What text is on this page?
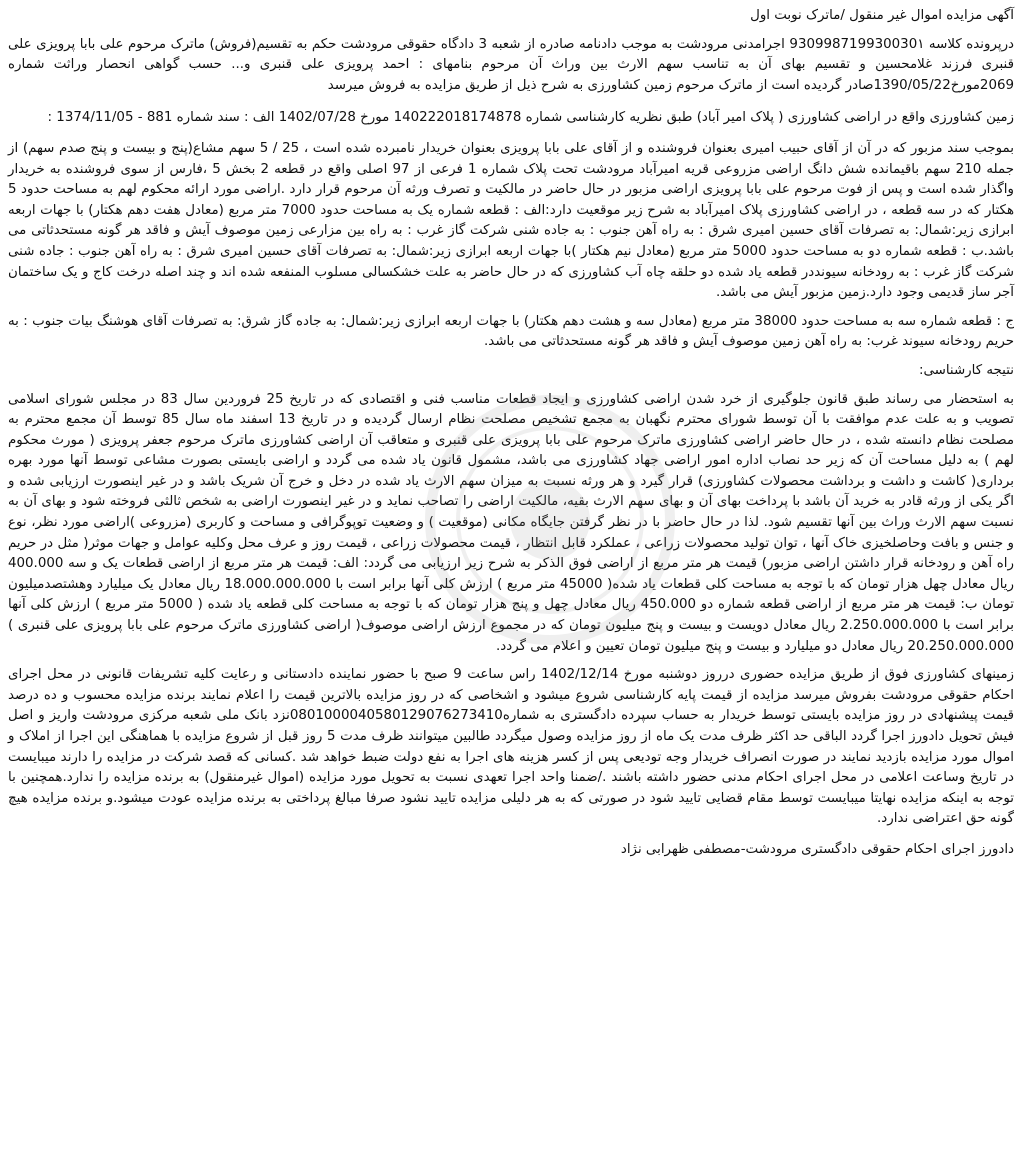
آگهی مزایده اموال غیر منقول /ماترک نوبت اول

درپرونده کلاسه 930998719930030١ اجرامدنی مرودشت به موجب دادنامه صادره از شعبه 3 دادگاه حقوقی مرودشت حکم به تقسیم(فروش) ماترک مرحوم علی بابا پرویزی علی قنبری فرزند غلامحسین و تقسیم بهای آن به تناسب سهم الارث بین وراث آن مرحوم بنامهای : احمد پرویزی علی قنبری و... حسب گواهی انحصار وراثت شماره 2069مورخ1390/05/22صادر گردیده است از ماترک مرحوم زمین کشاورزی به شرح ذیل از طریق مزایده به فروش میرسد

زمین کشاورزی واقع در اراضی کشاورزی ( پلاک امیر آباد) طبق نظریه کارشناسی شماره 140222018174878 مورخ 1402/07/28 الف : سند شماره 881 - 1374/11/05 :

بموجب سند مزبور که در آن از آقای حبیب امیری بعنوان فروشنده و از آقای علی بابا پرویزی بعنوان خریدار نامبرده شده است ، 25 / 5 سهم مشاع(پنج و بیست و پنج صدم سهم) از جمله 210 سهم باقیمانده شش دانگ اراضی مزروعی قریه امیرآباد مرودشت تحت پلاک شماره 1 فرعی از 97 اصلی واقع در قطعه 2 بخش 5 ،فارس از سوی فروشنده به خریدار واگذار شده است و پس از فوت مرحوم علی بابا پرویزی اراضی مزبور در حال حاضر در مالکیت و تصرف ورثه آن مرحوم قرار دارد .اراضی مورد ارائه محکوم لهم به مساحت حدود 5 هکتار که در سه قطعه ، در اراضی کشاورزی پلاک امیرآباد به شرح زیر موقعیت دارد:الف : قطعه شماره یک به مساحت حدود 7000 متر مربع (معادل هفت دهم هکتار) با جهات اربعه ابرازی زیر:شمال: به تصرفات آقای حسین امیری شرق : به راه آهن جنوب : به جاده شنی شرکت گاز غرب : به راه بین مزارعی زمین موصوف آیش و فاقد هر گونه مستحدثاتی می باشد.ب : قطعه شماره دو به مساحت حدود 5000 متر مربع (معادل نیم هکتار )با جهات اربعه ابرازی زیر:شمال: به تصرفات آقای حسین امیری شرق : به راه آهن جنوب : جاده شنی شرکت گاز غرب : به رودخانه سیونددر قطعه یاد شده دو حلقه چاه آب کشاورزی که در حال حاضر به علت خشکسالی مسلوب المنفعه شده اند و چند اصله درخت کاج و یک ساختمان آجر ساز قدیمی وجود دارد.زمین مزبور آیش می باشد.

ج : قطعه شماره سه به مساحت حدود 38000 متر مربع (معادل سه و هشت دهم هکتار) با جهات اربعه ابرازی زیر:شمال: به جاده گاز شرق: به تصرفات آقای هوشنگ بیات جنوب : به حریم رودخانه سیوند غرب: به راه آهن زمین موصوف آیش و فاقد هر گونه مستحدثاتی می باشد.

نتیجه کارشناسی:

به استحضار می رساند طبق قانون جلوگیری از خرد شدن اراضی کشاورزی و ایجاد قطعات مناسب فنی و اقتصادی که در تاریخ 25 فروردین سال 83 در مجلس شورای اسلامی تصویب و به علت عدم موافقت با آن توسط شورای محترم نگهبان به مجمع تشخیص مصلحت نظام ارسال گردیده و در تاریخ 13 اسفند ماه سال 85 توسط آن مجمع محترم به مصلحت نظام دانسته شده ، در حال حاضر اراضی کشاورزی ماترک مرحوم علی بابا پرویزی علی قنبری و متعاقب آن اراضی کشاورزی ماترک مرحوم جعفر پرویزی ( مورث محکوم لهم ) به دلیل مساحت آن که زیر حد نصاب اداره امور اراضی جهاد کشاورزی می باشد، مشمول قانون یاد شده می گردد و اراضی بایستی بصورت مشاعی توسط آنها مورد بهره برداری( کاشت و داشت و برداشت محصولات کشاورزی) قرار گیرد و هر ورثه نسبت به میزان سهم الارث یاد شده در دخل و خرج آن شریک باشد و در غیر اینصورت ارزیابی شده و اگر یکی از ورثه قادر به خرید آن باشد با پرداخت بهای آن و بهای سهم الارث بقیه، مالکیت اراضی را تصاحب نماید و در غیر اینصورت اراضی به شخص ثالثی فروخته شود و بهای آن به نسبت سهم الارث وراث بین آنها تقسیم شود. لذا در حال حاضر با در نظر گرفتن جایگاه مکانی (موقعیت ) و وضعیت توپوگرافی و مساحت و کاربری (مزروعی )اراضی مورد نظر، نوع و جنس و بافت وحاصلخیزی خاک آنها ، توان تولید محصولات زراعی ، عملکرد قابل انتظار ، قیمت محصولات زراعی ، قیمت روز و عرف محل وکلیه عوامل و جهات موثر( مثل در حریم راه آهن و رودخانه قرار داشتن اراضی مزبور) قیمت هر متر مربع از اراضی فوق الذکر به شرح زیر ارزیابی می گردد: الف: قیمت هر متر مربع از اراضی قطعات یک و سه 400.000 ریال معادل چهل هزار تومان که با توجه به مساحت کلی قطعات یاد شده( 45000 متر مربع ) ارزش کلی آنها برابر است با 18.000.000.000 ریال معادل یک میلیارد وهشتصدمیلیون تومان ب: قیمت هر متر مربع از اراضی قطعه شماره دو 450.000 ریال معادل چهل و پنج هزار تومان که با توجه به مساحت کلی قطعه یاد شده ( 5000 متر مربع ) ارزش کلی آنها برابر است با 2.250.000.000 ریال معادل دویست و بیست و پنج میلیون تومان که در مجموع ارزش اراضی موصوف( اراضی کشاورزی ماترک مرحوم علی بابا پرویزی علی قنبری ) 20.250.000.000 ریال معادل دو میلیارد و بیست و پنج میلیون تومان تعیین و اعلام می گردد.

زمینهای کشاورزی فوق از طریق مزایده حضوری درروز دوشنبه مورخ 1402/12/14 راس ساعت 9 صبح با حضور نماینده دادستانی و رعایت کلیه تشریفات قانونی در محل اجرای احکام حقوقی مرودشت بفروش میرسد مزایده از قیمت پایه کارشناسی شروع میشود و اشخاصی که در روز مزایده بالاترین قیمت را اعلام نمایند برنده مزایده محسوب و ده درصد قیمت پیشنهادی در روز مزایده بایستی توسط خریدار به حساب سپرده دادگستری به شماره0801000040580129076273410نزد بانک ملی شعبه مرکزی مرودشت واریز و اصل فیش تحویل دادورز اجرا گردد الباقی حد اکثر ظرف مدت یک ماه از روز مزایده وصول میگردد طالبین میتوانند ظرف مدت 5 روز قبل از شروع مزایده با هماهنگی این اجرا از املاک و اموال مورد مزایده بازدید نمایند در صورت انصراف خریدار وجه تودیعی پس از کسر هزینه های اجرا به نفع دولت ضبط خواهد شد .کسانی که قصد شرکت در مزایده را دارند میبایست در تاریخ وساعت اعلامی در محل اجرای احکام مدنی حضور داشته باشند ./ضمنا واحد اجرا تعهدی نسبت به تحویل مورد مزایده (اموال غیرمنقول) به برنده مزایده را ندارد.همچنین با توجه به اینکه مزایده نهایتا میبایست توسط مقام قضایی تایید شود در صورتی که به هر دلیلی مزایده تایید نشود صرفا مبالغ پرداختی به برنده مزایده عودت میشود.و برنده مزایده هیچ گونه حق اعتراضی ندارد.

دادورز اجرای احکام حقوقی دادگستری مرودشت-مصطفی ظهرابی نژاد
